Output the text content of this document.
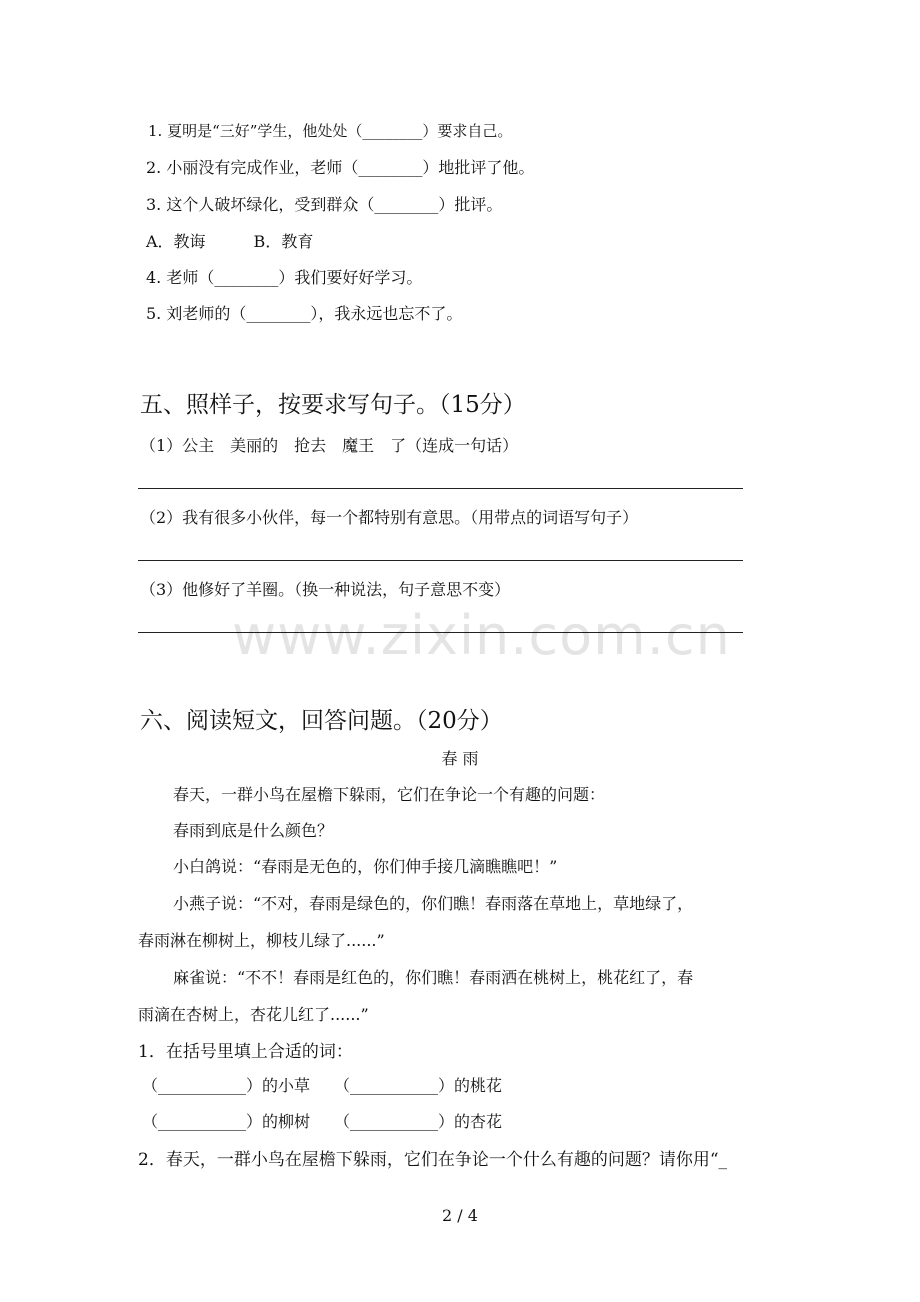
1. 夏明是“三好”学生，他处处（________）要求自己。
2. 小丽没有完成作业，老师（________）地批评了他。
3. 这个人破坏绿化，受到群众（________）批评。
A．教诲　　　B．教育
4. 老师（________）我们要好好学习。
5. 刘老师的（________），我永远也忘不了。
五、照样子，按要求写句子。（15分）
（1）公主　美丽的　抢去　魔王　了（连成一句话）
（2）我有很多小伙伴，每一个都特别有意思。（用带点的词语写句子）
（3）他修好了羊圈。（换一种说法，句子意思不变）
www.zixin.com.cn
六、阅读短文，回答问题。（20分）
春 雨
春天，一群小鸟在屋檐下躲雨，它们在争论一个有趣的问题：
春雨到底是什么颜色？
小白鸽说：“春雨是无色的，你们伸手接几滴瞧瞧吧！”
小燕子说：“不对，春雨是绿色的，你们瞧！春雨落在草地上，草地绿了，
春雨淋在柳树上，柳枝儿绿了......”
麻雀说：“不不！春雨是红色的，你们瞧！春雨洒在桃树上，桃花红了，春
雨滴在杏树上，杏花儿红了......”
1．在括号里填上合适的词：
（___________）的小草　　（___________）的桃花
（___________）的柳树　　（___________）的杏花
2．春天，一群小鸟在屋檐下躲雨，它们在争论一个什么有趣的问题？请你用“_
2 / 4
